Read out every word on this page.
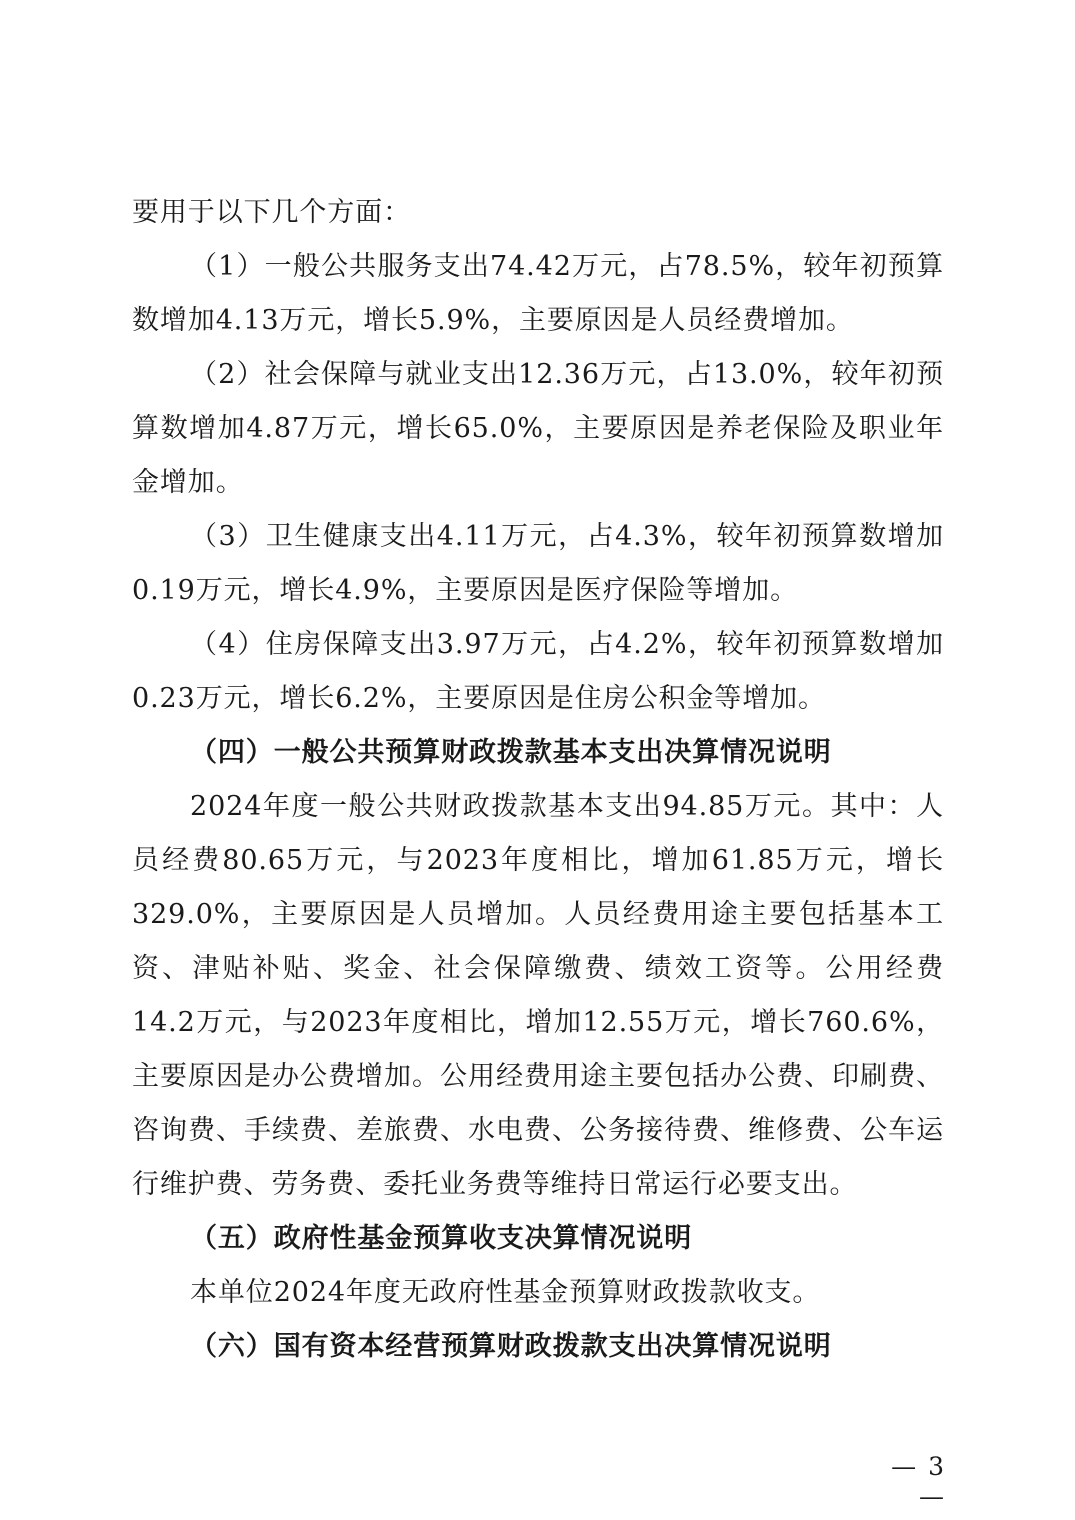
要用于以下几个方面：

（1）一般公共服务支出74.42万元，占78.5%，较年初预算数增加4.13万元，增长5.9%，主要原因是人员经费增加。

（2）社会保障与就业支出12.36万元，占13.0%，较年初预算数增加4.87万元，增长65.0%，主要原因是养老保险及职业年金增加。

（3）卫生健康支出4.11万元，占4.3%，较年初预算数增加0.19万元，增长4.9%，主要原因是医疗保险等增加。

（4）住房保障支出3.97万元，占4.2%，较年初预算数增加0.23万元，增长6.2%，主要原因是住房公积金等增加。

（四）一般公共预算财政拨款基本支出决算情况说明

2024年度一般公共财政拨款基本支出94.85万元。其中：人员经费80.65万元，与2023年度相比，增加61.85万元，增长329.0%，主要原因是人员增加。人员经费用途主要包括基本工资、津贴补贴、奖金、社会保障缴费、绩效工资等。公用经费14.2万元，与2023年度相比，增加12.55万元，增长760.6%，主要原因是办公费增加。公用经费用途主要包括办公费、印刷费、咨询费、手续费、差旅费、水电费、公务接待费、维修费、公车运行维护费、劳务费、委托业务费等维持日常运行必要支出。

（五）政府性基金预算收支决算情况说明

本单位2024年度无政府性基金预算财政拨款收支。

（六）国有资本经营预算财政拨款支出决算情况说明

— 3 —
